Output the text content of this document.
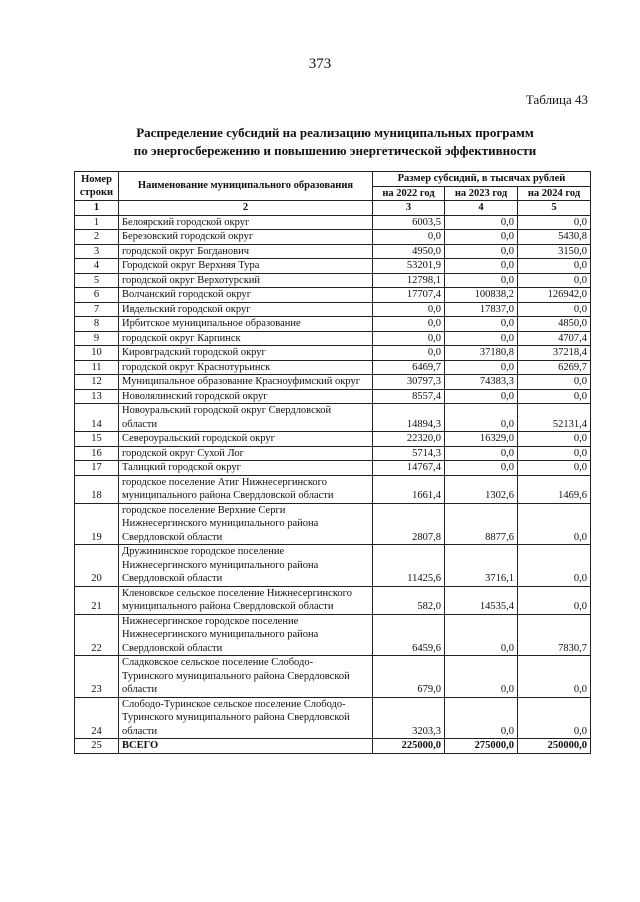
373
Таблица 43
Распределение субсидий на реализацию муниципальных программ
по энергосбережению и повышению энергетической эффективности
Номер
строки	Наименование муниципального образования	Размер субсидий, в тысячах рублей		
		на 2022 год	на 2023 год	на 2024 год
1	2	3	4	5
1	Белоярский городской округ	6003,5	0,0	0,0
2	Березовский городской округ	0,0	0,0	5430,8
3	городской округ Богданович	4950,0	0,0	3150,0
4	Городской округ Верхняя Тура	53201,9	0,0	0,0
5	городской округ Верхотурский	12798,1	0,0	0,0
6	Волчанский городской округ	17707,4	100838,2	126942,0
7	Ивдельский городской округ	0,0	17837,0	0,0
8	Ирбитское муниципальное образование	0,0	0,0	4850,0
9	городской округ Карпинск	0,0	0,0	4707,4
10	Кировградский городской округ	0,0	37180,8	37218,4
11	городской округ Краснотурьинск	6469,7	0,0	6269,7
12	Муниципальное образование Красноуфимский округ	30797,3	74383,3	0,0
13	Новолялинский городской округ	8557,4	0,0	0,0
14	Новоуральский городской округ Свердловской
области	14894,3	0,0	52131,4
15	Североуральский городской округ	22320,0	16329,0	0,0
16	городской округ Сухой Лог	5714,3	0,0	0,0
17	Талицкий городской округ	14767,4	0,0	0,0
18	городское поселение Атиг Нижнесергинского
муниципального района Свердловской области	1661,4	1302,6	1469,6
19	городское поселение Верхние Серги
Нижнесергинского муниципального района
Свердловской области	2807,8	8877,6	0,0
20	Дружининское городское поселение
Нижнесергинского муниципального района
Свердловской области	11425,6	3716,1	0,0
21	Кленовское сельское поселение Нижнесергинского
муниципального района Свердловской области	582,0	14535,4	0,0
22	Нижнесергинское городское поселение
Нижнесергинского муниципального района
Свердловской области	6459,6	0,0	7830,7
23	Сладковское сельское поселение Слободо-
Туринского муниципального района Свердловской
области	679,0	0,0	0,0
24	Слободо-Туринское сельское поселение Слободо-
Туринского муниципального района Свердловской
области	3203,3	0,0	0,0
25	ВСЕГО	225000,0	275000,0	250000,0
